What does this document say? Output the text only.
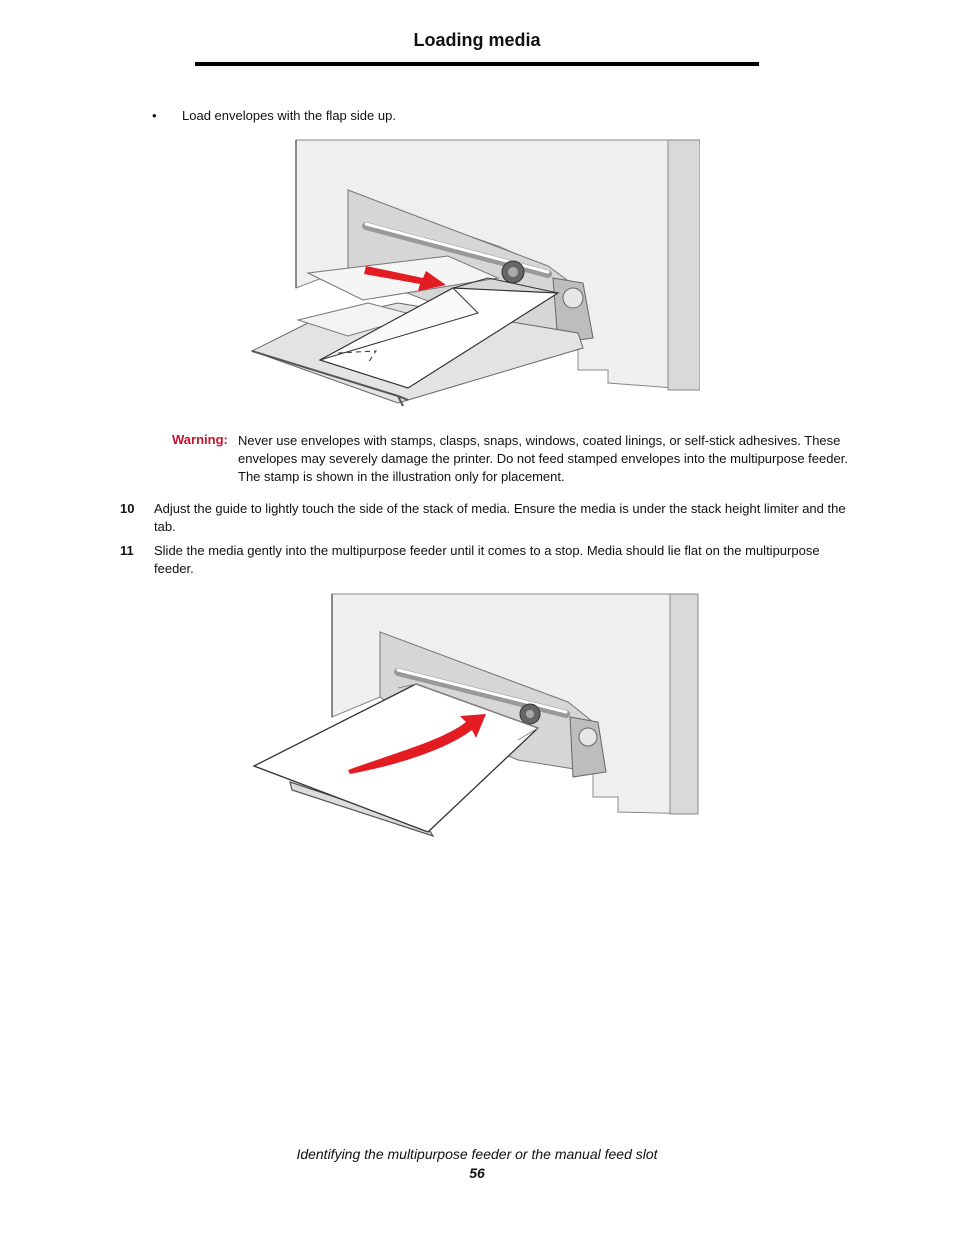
Loading media
• Load envelopes with the flap side up.
Warning: Never use envelopes with stamps, clasps, snaps, windows, coated linings, or self-stick adhesives. These envelopes may severely damage the printer. Do not feed stamped envelopes into the multipurpose feeder. The stamp is shown in the illustration only for placement.
10 Adjust the guide to lightly touch the side of the stack of media. Ensure the media is under the stack height limiter and the tab.
11 Slide the media gently into the multipurpose feeder until it comes to a stop. Media should lie flat on the multipurpose feeder.
Identifying the multipurpose feeder or the manual feed slot
56
